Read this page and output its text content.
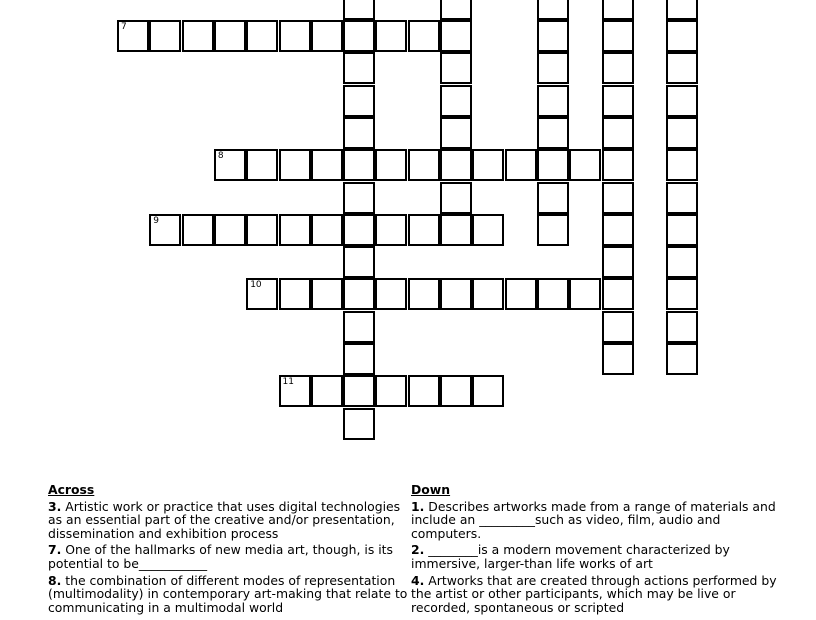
7
8
9
10
11
Across
3. Artistic work or practice that uses digital technologies as an essential part of the creative and/or presentation, dissemination and exhibition process
7. One of the hallmarks of new media art, though, is its potential to be___________
8. the combination of different modes of representation (multimodality) in contemporary art-making that relate to communicating in a multimodal world
Down
1. Describes artworks made from a range of materials and include an _________such as video, film, audio and computers.
2. ________is a modern movement characterized by immersive, larger-than life works of art
4. Artworks that are created through actions performed by the artist or other participants, which may be live or recorded, spontaneous or scripted
